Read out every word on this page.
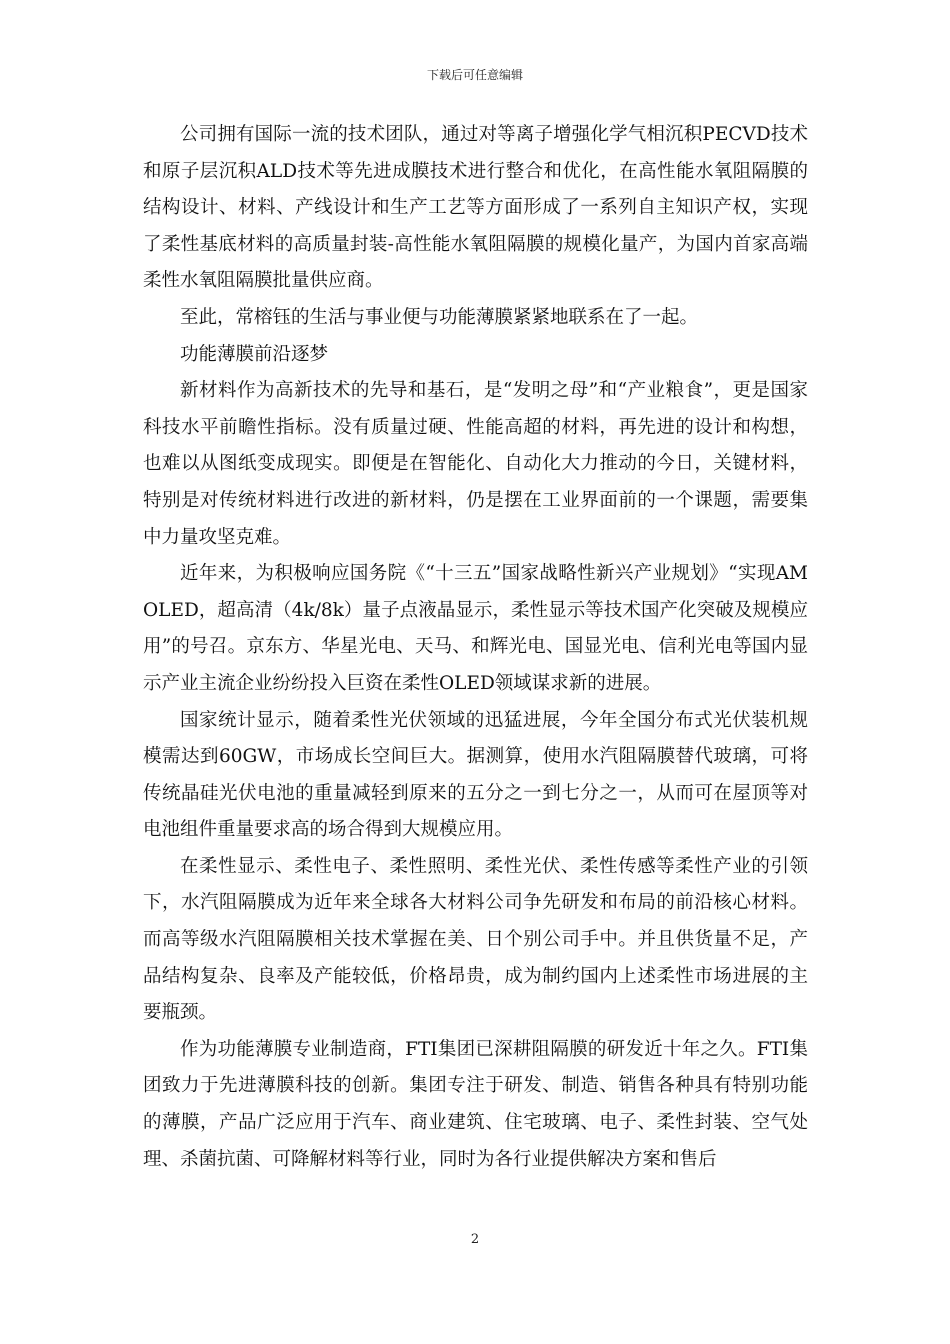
下载后可任意编辑

公司拥有国际一流的技术团队，通过对等离子增强化学气相沉积PECVD技术和原子层沉积ALD技术等先进成膜技术进行整合和优化，在高性能水氧阻隔膜的结构设计、材料、产线设计和生产工艺等方面形成了一系列自主知识产权，实现了柔性基底材料的高质量封装-高性能水氧阻隔膜的规模化量产，为国内首家高端柔性水氧阻隔膜批量供应商。

至此，常榕钰的生活与事业便与功能薄膜紧紧地联系在了一起。

功能薄膜前沿逐梦

新材料作为高新技术的先导和基石，是“发明之母”和“产业粮食”，更是国家科技水平前瞻性指标。没有质量过硬、性能高超的材料，再先进的设计和构想，也难以从图纸变成现实。即便是在智能化、自动化大力推动的今日，关键材料，特别是对传统材料进行改进的新材料，仍是摆在工业界面前的一个课题，需要集中力量攻坚克难。

近年来，为积极响应国务院《“十三五”国家战略性新兴产业规划》“实现AMOLED，超高清（4k/8k）量子点液晶显示，柔性显示等技术国产化突破及规模应用”的号召。京东方、华星光电、天马、和辉光电、国显光电、信利光电等国内显示产业主流企业纷纷投入巨资在柔性OLED领域谋求新的进展。

国家统计显示，随着柔性光伏领域的迅猛进展，今年全国分布式光伏装机规模需达到60GW，市场成长空间巨大。据测算，使用水汽阻隔膜替代玻璃，可将传统晶硅光伏电池的重量减轻到原来的五分之一到七分之一，从而可在屋顶等对电池组件重量要求高的场合得到大规模应用。

在柔性显示、柔性电子、柔性照明、柔性光伏、柔性传感等柔性产业的引领下，水汽阻隔膜成为近年来全球各大材料公司争先研发和布局的前沿核心材料。而高等级水汽阻隔膜相关技术掌握在美、日个别公司手中。并且供货量不足，产品结构复杂、良率及产能较低，价格昂贵，成为制约国内上述柔性市场进展的主要瓶颈。

作为功能薄膜专业制造商，FTI集团已深耕阻隔膜的研发近十年之久。FTI集团致力于先进薄膜科技的创新。集团专注于研发、制造、销售各种具有特别功能的薄膜，产品广泛应用于汽车、商业建筑、住宅玻璃、电子、柔性封装、空气处理、杀菌抗菌、可降解材料等行业，同时为各行业提供解决方案和售后

2
